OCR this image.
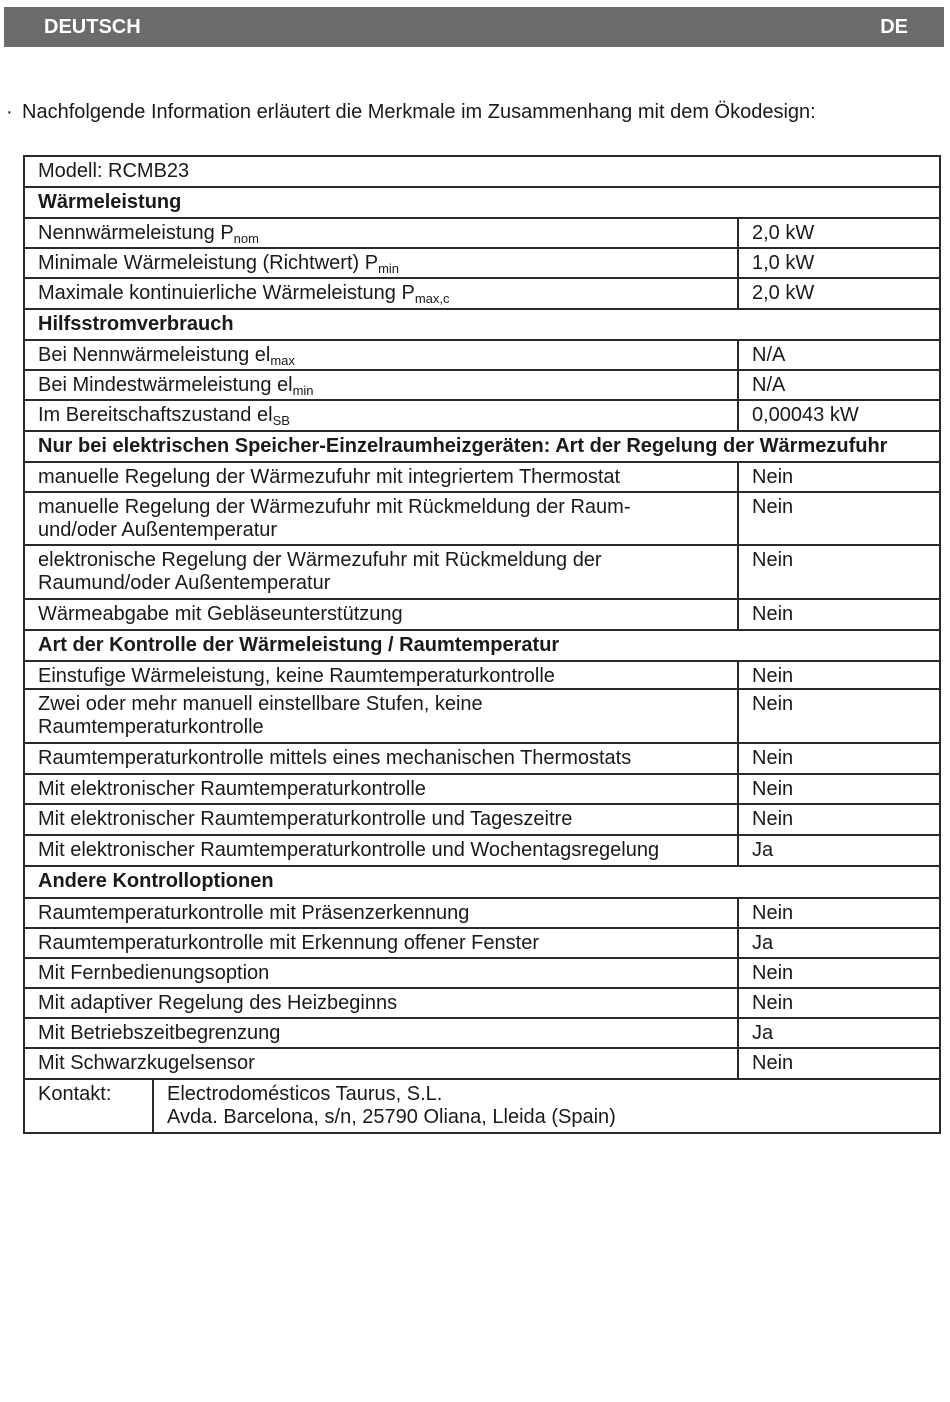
DEUTSCH	DE
· Nachfolgende Information erläutert die Merkmale im Zusammenhang mit dem Ökodesign:
Modell: RCMB23		
Wärmeleistung		
Nennwärmeleistung $P_{nom}$		2,0 kW
Minimale Wärmeleistung (Richtwert) $P_{min}$		1,0 kW
Maximale kontinuierliche Wärmeleistung $P_{max,c}$		2,0 kW
Hilfsstromverbrauch		
Bei Nennwärmeleistung $el_{max}$		N/A
Bei Mindestwärmeleistung $el_{min}$		N/A
Im Bereitschaftszustand $el_{SB}$		0,00043 kW
Nur bei elektrischen Speicher-Einzelraumheizgeräten: Art der Regelung der Wärmezufuhr		
manuelle Regelung der Wärmezufuhr mit integriertem Thermostat		Nein

manuelle Regelung der Wärmezufuhr mit Rückmeldung der Raum-
und/oder Außentemperatur		Nein

elektronische Regelung der Wärmezufuhr mit Rückmeldung der
Raumund/oder Außentemperatur		Nein
Wärmeabgabe mit Gebläseunterstützung		Nein
Art der Kontrolle der Wärmeleistung / Raumtemperatur		
Einstufige Wärmeleistung, keine Raumtemperaturkontrolle		Nein

Zwei oder mehr manuell einstellbare Stufen, keine
Raumtemperaturkontrolle		Nein
Raumtemperaturkontrolle mittels eines mechanischen Thermostats		Nein
Mit elektronischer Raumtemperaturkontrolle		Nein
Mit elektronischer Raumtemperaturkontrolle und Tageszeitre		Nein
Mit elektronischer Raumtemperaturkontrolle und Wochentagsregelung		Ja
Andere Kontrolloptionen		
Raumtemperaturkontrolle mit Präsenzerkennung		Nein
Raumtemperaturkontrolle mit Erkennung offener Fenster		Ja
Mit Fernbedienungsoption		Nein
Mit adaptiver Regelung des Heizbeginns		Nein
Mit Betriebszeitbegrenzung		Ja
Mit Schwarzkugelsensor		Nein
Kontakt:	Electrodomésticos Taurus, S.L.
Avda. Barcelona, s/n, 25790 Oliana, Lleida (Spain)	
